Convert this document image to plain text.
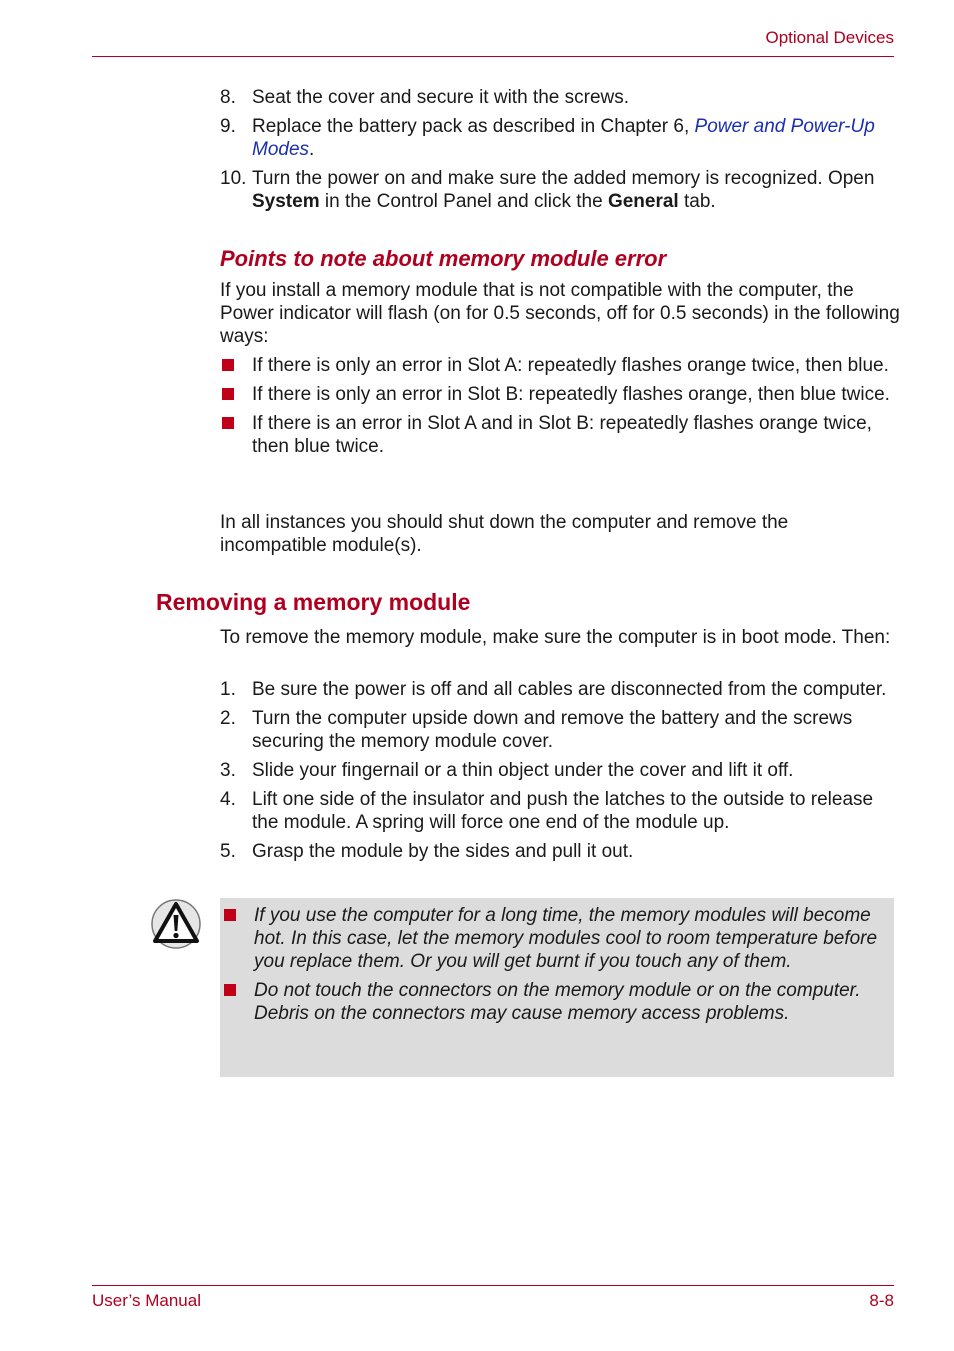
Optional Devices
8. Seat the cover and secure it with the screws.
9. Replace the battery pack as described in Chapter 6, Power and Power-Up Modes.
10. Turn the power on and make sure the added memory is recognized. Open System in the Control Panel and click the General tab.
Points to note about memory module error
If you install a memory module that is not compatible with the computer, the Power indicator will flash (on for 0.5 seconds, off for 0.5 seconds) in the following ways:
If there is only an error in Slot A: repeatedly flashes orange twice, then blue.
If there is only an error in Slot B: repeatedly flashes orange, then blue twice.
If there is an error in Slot A and in Slot B: repeatedly flashes orange twice, then blue twice.
In all instances you should shut down the computer and remove the incompatible module(s).
Removing a memory module
To remove the memory module, make sure the computer is in boot mode. Then:
1. Be sure the power is off and all cables are disconnected from the computer.
2. Turn the computer upside down and remove the battery and the screws securing the memory module cover.
3. Slide your fingernail or a thin object under the cover and lift it off.
4. Lift one side of the insulator and push the latches to the outside to release the module. A spring will force one end of the module up.
5. Grasp the module by the sides and pull it out.
If you use the computer for a long time, the memory modules will become hot. In this case, let the memory modules cool to room temperature before you replace them. Or you will get burnt if you touch any of them.
Do not touch the connectors on the memory module or on the computer. Debris on the connectors may cause memory access problems.
User’s Manual	8-8
